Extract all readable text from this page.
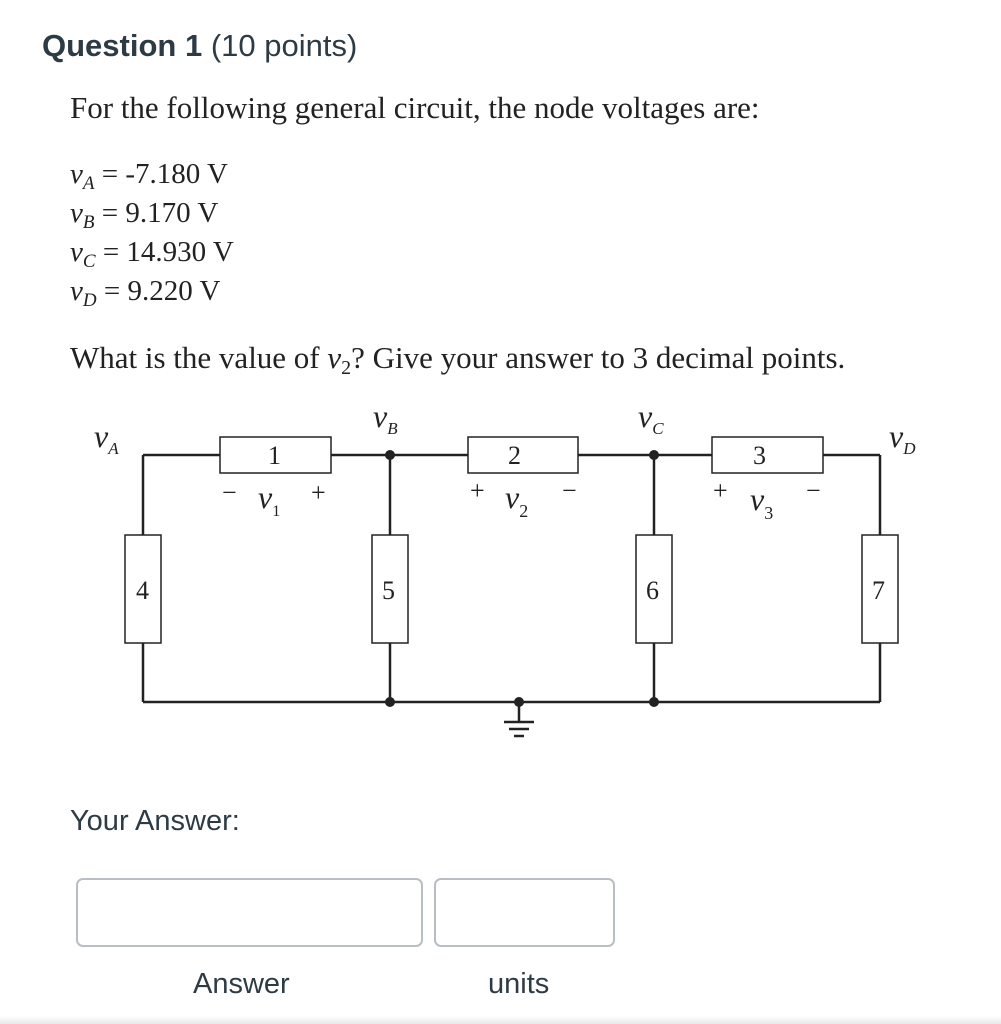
Question 1 (10 points)
For the following general circuit, the node voltages are:
$v_A = -7.180$ V
$v_B = 9.170$ V
$v_C = 14.930$ V
$v_D = 9.220$ V
What is the value of $v_2$? Give your answer to 3 decimal points.
$v_A$
$v_B$	$v_C$	$v_D$
1	2	3
4	5	6	7
− $v_1$
+	+ $v_2$
−	+ $v_3$
−
Your Answer:
Answer	units
